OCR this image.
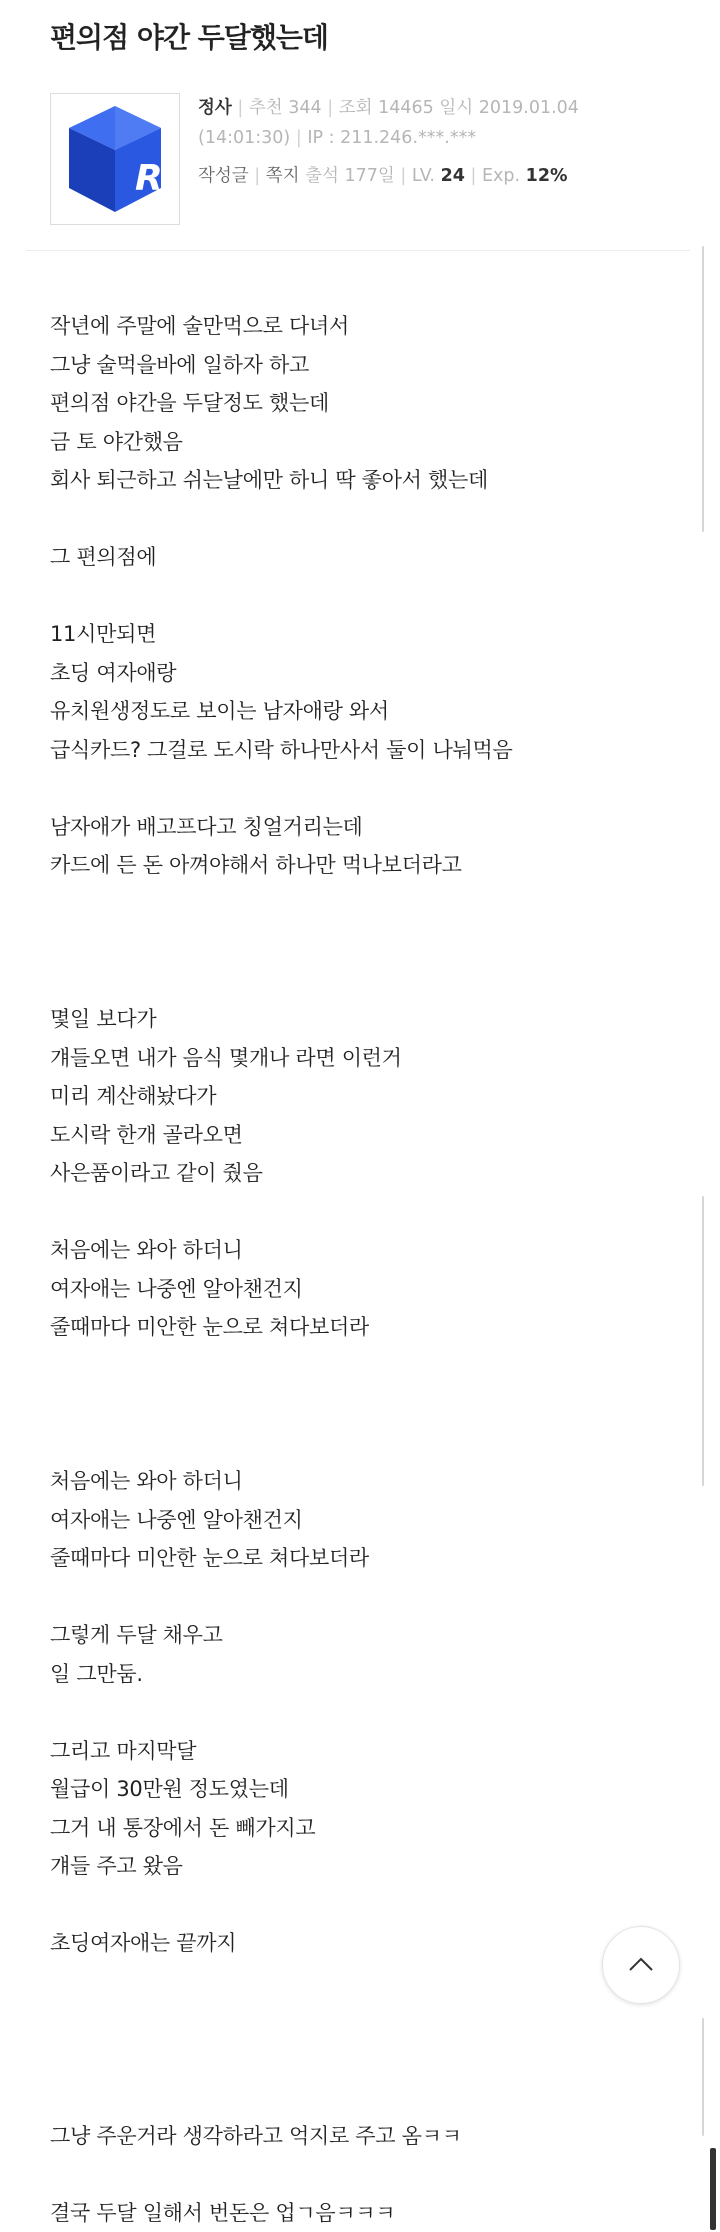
편의점 야간 두달했는데
R
정사 | 추천 344 | 조회 14465 일시 2019.01.04
(14:01:30) | IP : 211.246.***.***
작성글 | 쪽지 출석 177일 | LV. 24 | Exp. 12%
작년에 주말에 술만먹으로 다녀서
그냥 술먹을바에 일하자 하고
편의점 야간을 두달정도 했는데
금 토 야간했음
회사 퇴근하고 쉬는날에만 하니 딱 좋아서 했는데
그 편의점에
11시만되면
초딩 여자애랑
유치원생정도로 보이는 남자애랑 와서
급식카드? 그걸로 도시락 하나만사서 둘이 나눠먹음
남자애가 배고프다고 칭얼거리는데
카드에 든 돈 아껴야해서 하나만 먹나보더라고
몇일 보다가
걔들오면 내가 음식 몇개나 라면 이런거
미리 계산해놨다가
도시락 한개 골라오면
사은품이라고 같이 줬음
처음에는 와아 하더니
여자애는 나중엔 알아챈건지
줄때마다 미안한 눈으로 쳐다보더라
처음에는 와아 하더니
여자애는 나중엔 알아챈건지
줄때마다 미안한 눈으로 쳐다보더라
그렇게 두달 채우고
일 그만둠.
그리고 마지막달
월급이 30만원 정도였는데
그거 내 통장에서 돈 빼가지고
걔들 주고 왔음
초딩여자애는 끝까지
그냥 주운거라 생각하라고 억지로 주고 옴ㅋㅋ
결국 두달 일해서 번돈은 업ㄱ음ㅋㅋㅋ
